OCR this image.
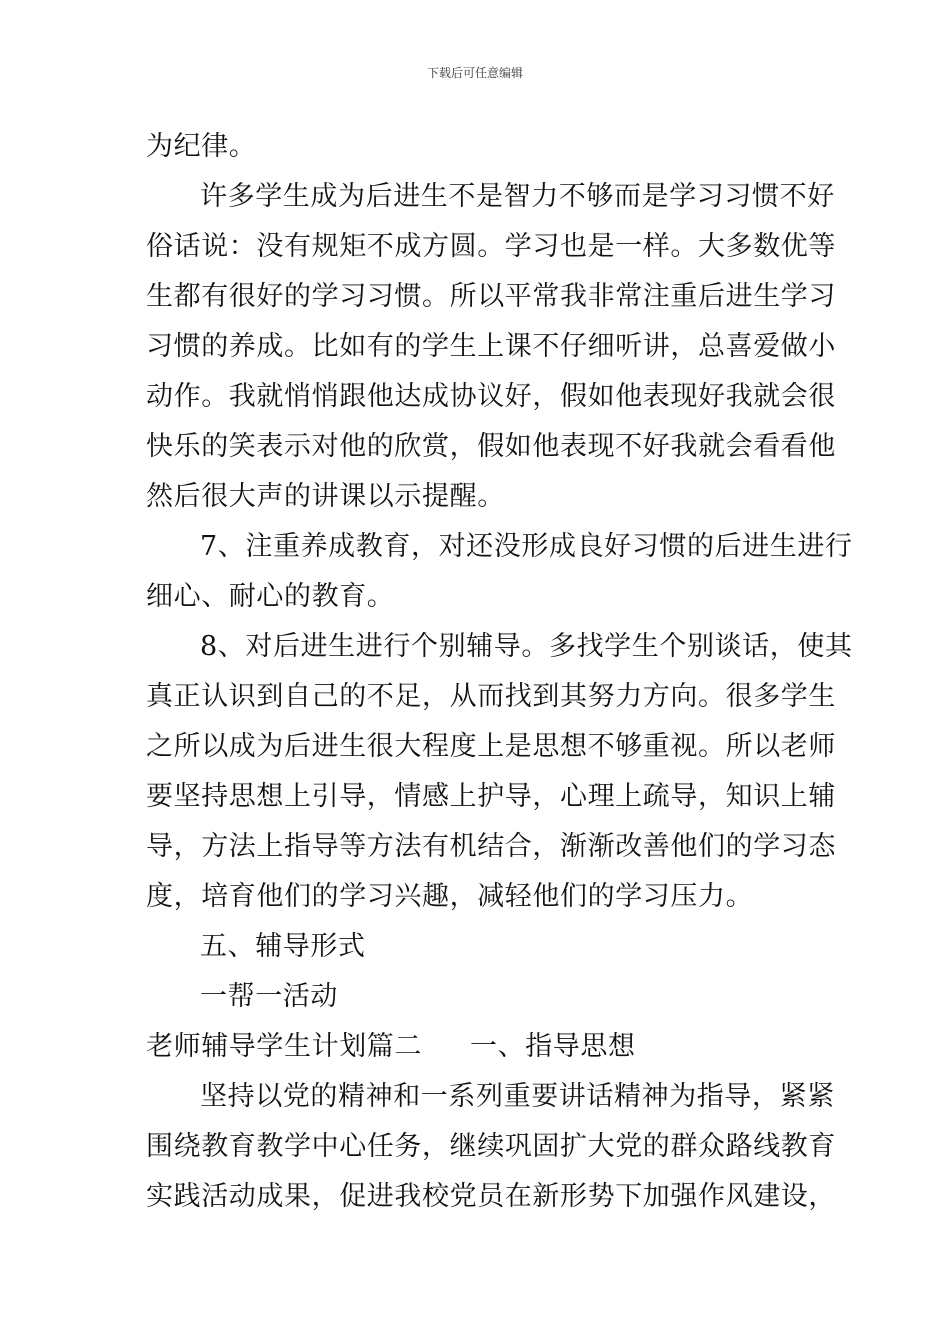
下载后可任意编辑
为纪律。
许多学生成为后进生不是智力不够而是学习习惯不好
俗话说：没有规矩不成方圆。学习也是一样。大多数优等
生都有很好的学习习惯。所以平常我非常注重后进生学习
习惯的养成。比如有的学生上课不仔细听讲，总喜爱做小
动作。我就悄悄跟他达成协议好，假如他表现好我就会很
快乐的笑表示对他的欣赏，假如他表现不好我就会看看他
然后很大声的讲课以示提醒。
7、注重养成教育，对还没形成良好习惯的后进生进行
细心、耐心的教育。
8、对后进生进行个别辅导。多找学生个别谈话，使其
真正认识到自己的不足，从而找到其努力方向。很多学生
之所以成为后进生很大程度上是思想不够重视。所以老师
要坚持思想上引导，情感上护导，心理上疏导，知识上辅
导，方法上指导等方法有机结合，渐渐改善他们的学习态
度，培育他们的学习兴趣，减轻他们的学习压力。
五、辅导形式
一帮一活动
老师辅导学生计划篇二 一、指导思想
坚持以党的精神和一系列重要讲话精神为指导，紧紧
围绕教育教学中心任务，继续巩固扩大党的群众路线教育
实践活动成果，促进我校党员在新形势下加强作风建设，
